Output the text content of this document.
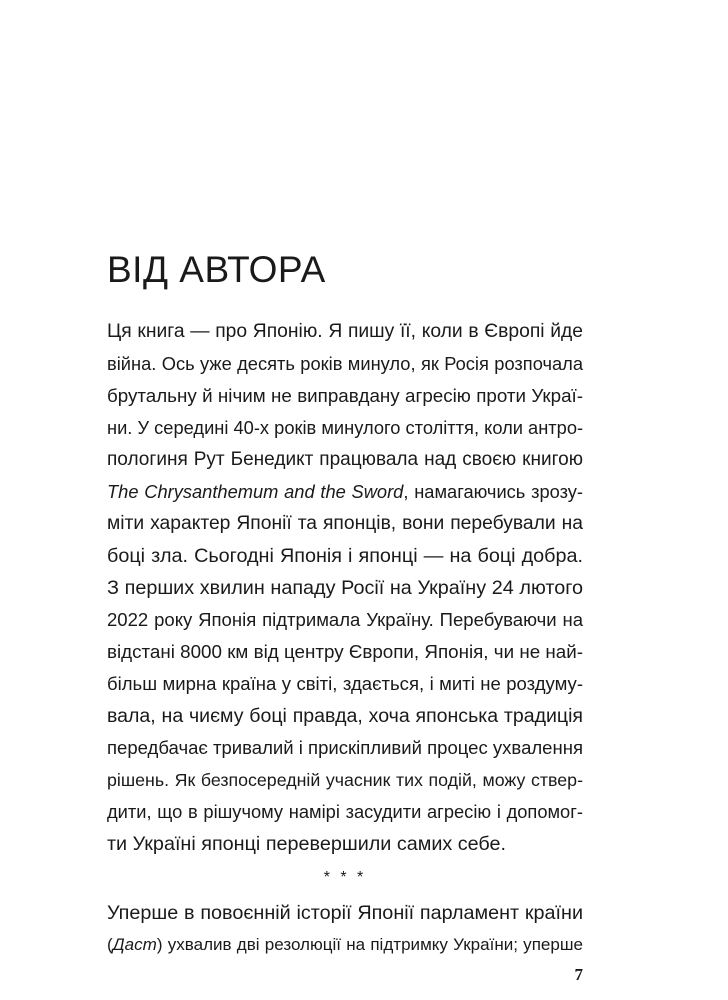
ВІД АВТОРА
Ця книга — про Японію. Я пишу її, коли в Європі йде
війна. Ось уже десять років минуло, як Росія розпочала
брутальну й нічим не виправдану агресію проти Украї-
ни. У середині 40-х років минулого століття, коли антро-
пологиня Рут Бенедикт працювала над своєю книгою
The Chrysanthemum and the Sword, намагаючись зрозу-
міти характер Японії та японців, вони перебували на
боці зла. Сьогодні Японія і японці — на боці добра.
З перших хвилин нападу Росії на Україну 24 лютого
2022 року Японія підтримала Україну. Перебуваючи на
відстані 8000 км від центру Європи, Японія, чи не най-
більш мирна країна у світі, здається, і миті не роздуму-
вала, на чиєму боці правда, хоча японська традиція
передбачає тривалий і прискіпливий процес ухвалення
рішень. Як безпосередній учасник тих подій, можу ствер-
дити, що в рішучому намірі засудити агресію і допомог-
ти Україні японці перевершили самих себе.
* * *
Уперше в повоєнній історії Японії парламент країни
(Даст) ухвалив дві резолюції на підтримку України; уперше
7
